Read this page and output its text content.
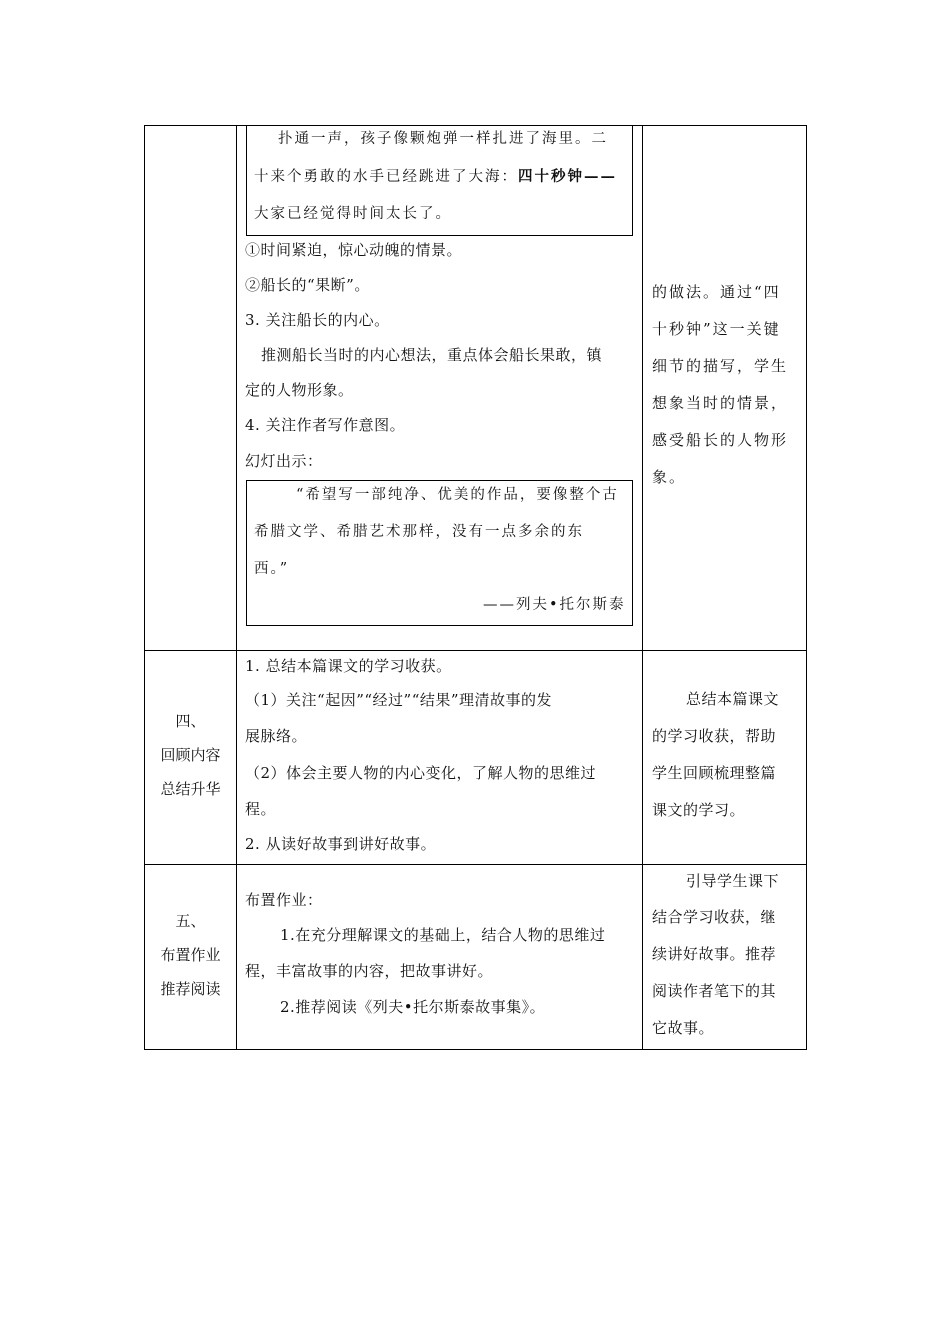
扑通一声，孩子像颗炮弹一样扎进了海里。二
十来个勇敢的水手已经跳进了大海：四十秒钟——
大家已经觉得时间太长了。
①时间紧迫，惊心动魄的情景。
②船长的“果断”。
3. 关注船长的内心。
推测船长当时的内心想法，重点体会船长果敢，镇
定的人物形象。
4. 关注作者写作意图。
幻灯出示：
“希望写一部纯净、优美的作品，要像整个古
希腊文学、希腊艺术那样，没有一点多余的东
西。”
——列夫•托尔斯泰
的做法。通过“四
十秒钟”这一关键
细节的描写，学生
想象当时的情景，
感受船长的人物形
象。
四、
回顾内容
总结升华
1. 总结本篇课文的学习收获。
（1）关注“起因”“经过”“结果”理清故事的发
展脉络。
（2）体会主要人物的内心变化，了解人物的思维过
程。
2. 从读好故事到讲好故事。
总结本篇课文
的学习收获，帮助
学生回顾梳理整篇
课文的学习。
五、
布置作业
推荐阅读
布置作业：
1.在充分理解课文的基础上，结合人物的思维过
程，丰富故事的内容，把故事讲好。
2.推荐阅读《列夫•托尔斯泰故事集》。
引导学生课下
结合学习收获，继
续讲好故事。推荐
阅读作者笔下的其
它故事。
